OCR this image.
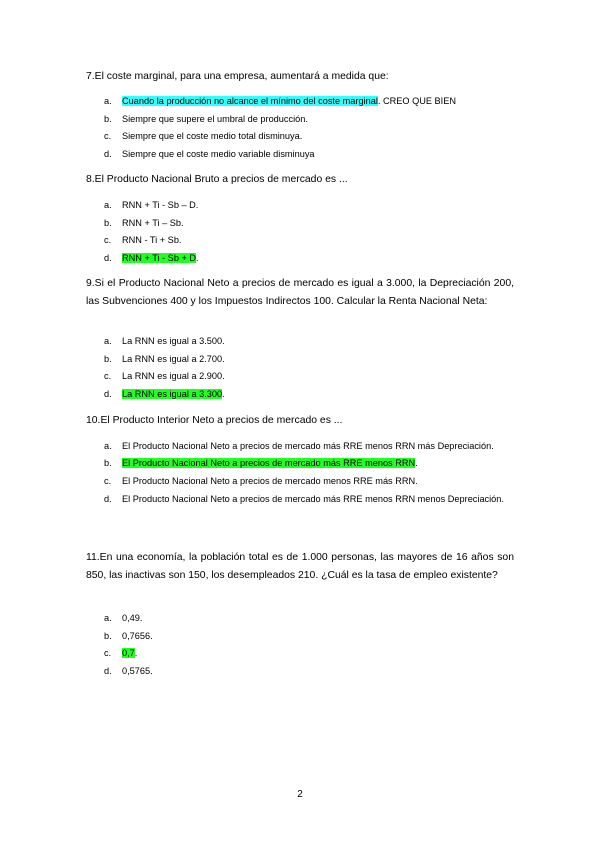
7.El coste marginal, para una empresa, aumentará a medida que:
a.	Cuando la producción no alcance el mínimo del coste marginal. CREO QUE BIEN
b.	Siempre que supere el umbral de producción.
c.	Siempre que el coste medio total disminuya.
d.	Siempre que el coste medio variable disminuya
8.El Producto Nacional Bruto a precios de mercado es ...
a.	RNN + Ti - Sb – D.
b.	RNN + Ti – Sb.
c.	RNN - Ti + Sb.
d.	RNN + Ti - Sb + D.
9.Si el Producto Nacional Neto a precios de mercado es igual a 3.000, la Depreciación 200, las Subvenciones 400 y los Impuestos Indirectos 100. Calcular la Renta Nacional Neta:
a.	La RNN es igual a 3.500.
b.	La RNN es igual a 2.700.
c.	La RNN es igual a 2.900.
d.	La RNN es igual a 3.300.
10.El Producto Interior Neto a precios de mercado es ...
a.	El Producto Nacional Neto a precios de mercado más RRE menos RRN más Depreciación.
b.	El Producto Nacional Neto a precios de mercado más RRE menos RRN.
c.	El Producto Nacional Neto a precios de mercado menos RRE más RRN.
d.	El Producto Nacional Neto a precios de mercado más RRE menos RRN menos Depreciación.
11.En una economía, la población total es de 1.000 personas, las mayores de 16 años son 850, las inactivas son 150, los desempleados 210. ¿Cuál es la tasa de empleo existente?
a.	0,49.
b.	0,7656.
c.	0,7.
d.	0,5765.
2
